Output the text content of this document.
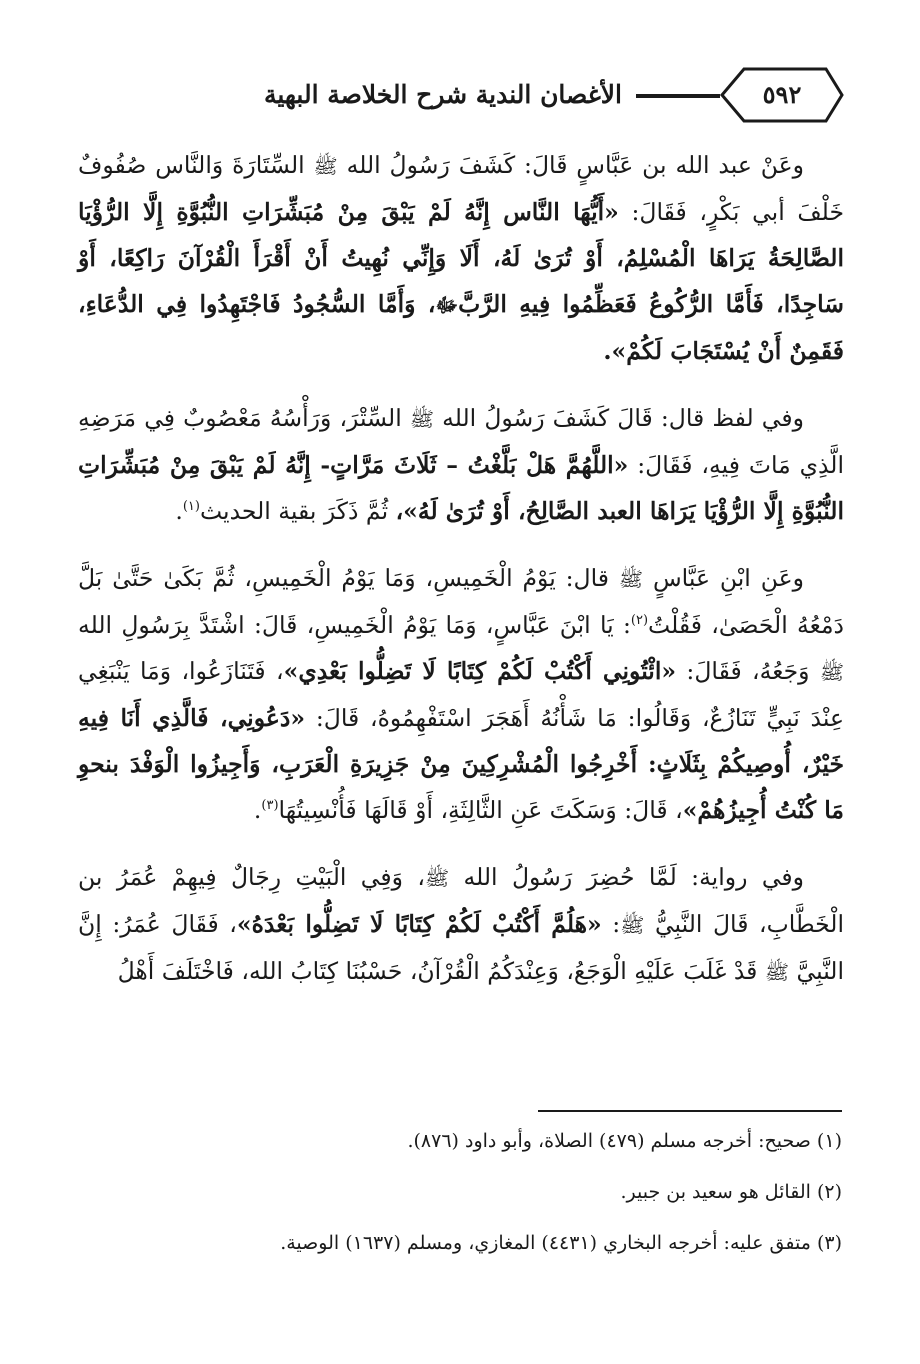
٥٩٢
الأغصان الندية شرح الخلاصة البهية

وعَنْ عبد الله بن عَبَّاسٍ قَالَ: كَشَفَ رَسُولُ الله ﷺ السِّتَارَةَ وَالنَّاس صُفُوفٌ خَلْفَ أبي بَكْرٍ، فَقَالَ: «أَيُّهَا النَّاس إِنَّهُ لَمْ يَبْقَ مِنْ مُبَشِّرَاتِ النُّبُوَّةِ إِلَّا الرُّؤْيَا الصَّالِحَةُ يَرَاهَا الْمُسْلِمُ، أَوْ تُرَىٰ لَهُ، أَلَا وَإِنِّي نُهِيتُ أَنْ أَقْرَأَ الْقُرْآنَ رَاكِعًا، أَوْ سَاجِدًا، فَأَمَّا الرُّكُوعُ فَعَظِّمُوا فِيهِ الرَّبَّﷻ، وَأَمَّا السُّجُودُ فَاجْتَهِدُوا فِي الدُّعَاءِ، فَقَمِنٌ أَنْ يُسْتَجَابَ لَكُمْ».

وفي لفظ قال: قَالَ كَشَفَ رَسُولُ الله ﷺ السِّتْرَ، وَرَأْسُهُ مَعْصُوبٌ فِي مَرَضِهِ الَّذِي مَاتَ فِيهِ، فَقَالَ: «اللَّهُمَّ هَلْ بَلَّغْتُ – ثَلَاثَ مَرَّاتٍ- إِنَّهُ لَمْ يَبْقَ مِنْ مُبَشِّرَاتِ النُّبُوَّةِ إِلَّا الرُّؤْيَا يَرَاهَا العبد الصَّالِحُ، أَوْ تُرَىٰ لَهُ»، ثُمَّ ذَكَرَ بقية الحديث$^{(١)}$.

وعَنِ ابْنِ عَبَّاسٍ ﷺ قال: يَوْمُ الْخَمِيسِ، وَمَا يَوْمُ الْخَمِيسِ، ثُمَّ بَكَىٰ حَتَّىٰ بَلَّ دَمْعُهُ الْحَصَىٰ، فَقُلْتُ$^{(٢)}$: يَا ابْنَ عَبَّاسٍ، وَمَا يَوْمُ الْخَمِيسِ، قَالَ: اشْتَدَّ بِرَسُولِ الله ﷺ وَجَعُهُ، فَقَالَ: «ائْتُونِي أَكْتُبْ لَكُمْ كِتَابًا لَا تَضِلُّوا بَعْدِي»، فَتَنَازَعُوا، وَمَا يَنْبَغِي عِنْدَ نَبِيٍّ تَنَازُعٌ، وَقَالُوا: مَا شَأْنُهُ أَهَجَرَ اسْتَفْهِمُوهُ، قَالَ: «دَعُونِي، فَالَّذِي أَنَا فِيهِ خَيْرٌ، أُوصِيكُمْ بِثَلَاثٍ: أَخْرِجُوا الْمُشْرِكِينَ مِنْ جَزِيرَةِ الْعَرَبِ، وَأَجِيزُوا الْوَفْدَ بنحوِ مَا كُنْتُ أُجِيزُهُمْ»، قَالَ: وَسَكَتَ عَنِ الثَّالِثَةِ، أَوْ قَالَهَا فَأُنْسِيتُهَا$^{(٣)}$.

وفي رواية: لَمَّا حُضِرَ رَسُولُ الله ﷺ، وَفِي الْبَيْتِ رِجَالٌ فِيهِمْ عُمَرُ بن الْخَطَّابِ، قَالَ النَّبِيُّ ﷺ: «هَلُمَّ أَكْتُبْ لَكُمْ كِتَابًا لَا تَضِلُّوا بَعْدَهُ»، فَقَالَ عُمَرُ: إِنَّ النَّبِيَّ ﷺ قَدْ غَلَبَ عَلَيْهِ الْوَجَعُ، وَعِنْدَكُمُ الْقُرْآنُ، حَسْبُنَا كِتَابُ الله، فَاخْتَلَفَ أَهْلُ

(١) صحيح: أخرجه مسلم (٤٧٩) الصلاة، وأبو داود (٨٧٦).

(٢) القائل هو سعيد بن جبير.

(٣) متفق عليه: أخرجه البخاري (٤٤٣١) المغازي، ومسلم (١٦٣٧) الوصية.
